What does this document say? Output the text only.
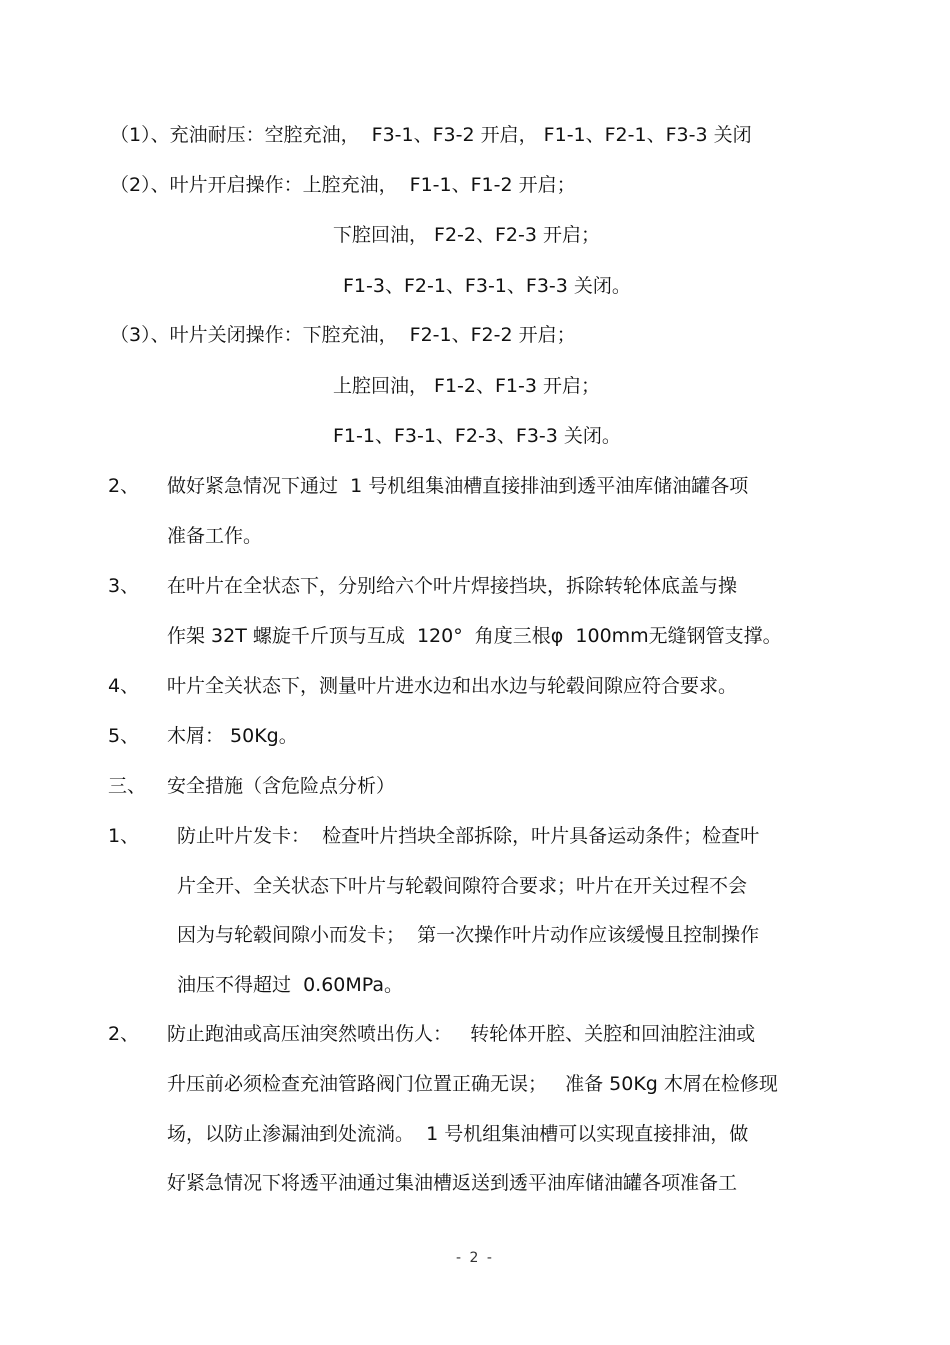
（1）、充油耐压：空腔充油，  F3-1、F3-2 开启， F1-1、F2-1、F3-3 关闭
（2）、叶片开启操作：上腔充油，  F1-1、F1-2 开启；
下腔回油， F2-2、F2-3 开启；
F1-3、F2-1、F3-1、F3-3 关闭。
（3）、叶片关闭操作：下腔充油，  F2-1、F2-2 开启；
上腔回油， F1-2、F1-3 开启；
F1-1、F3-1、F2-3、F3-3 关闭。
2、 做好紧急情况下通过  1 号机组集油槽直接排油到透平油库储油罐各项
准备工作。
3、 在叶片在全状态下，分别给六个叶片焊接挡块，拆除转轮体底盖与操
作架 32T 螺旋千斤顶与互成  120°  角度三根φ  100mm无缝钢管支撑。
4、 叶片全关状态下，测量叶片进水边和出水边与轮毂间隙应符合要求。
5、 木屑： 50Kg。
三、 安全措施（含危险点分析）
1、 防止叶片发卡：  检查叶片挡块全部拆除，叶片具备运动条件；检查叶
片全开、全关状态下叶片与轮毂间隙符合要求；叶片在开关过程不会
因为与轮毂间隙小而发卡；  第一次操作叶片动作应该缓慢且控制操作
油压不得超过  0.60MPa。
2、 防止跑油或高压油突然喷出伤人：   转轮体开腔、关腔和回油腔注油或
升压前必须检查充油管路阀门位置正确无误；   准备 50Kg 木屑在检修现
场，以防止渗漏油到处流淌。  1 号机组集油槽可以实现直接排油，做
好紧急情况下将透平油通过集油槽返送到透平油库储油罐各项准备工
- 2 -
